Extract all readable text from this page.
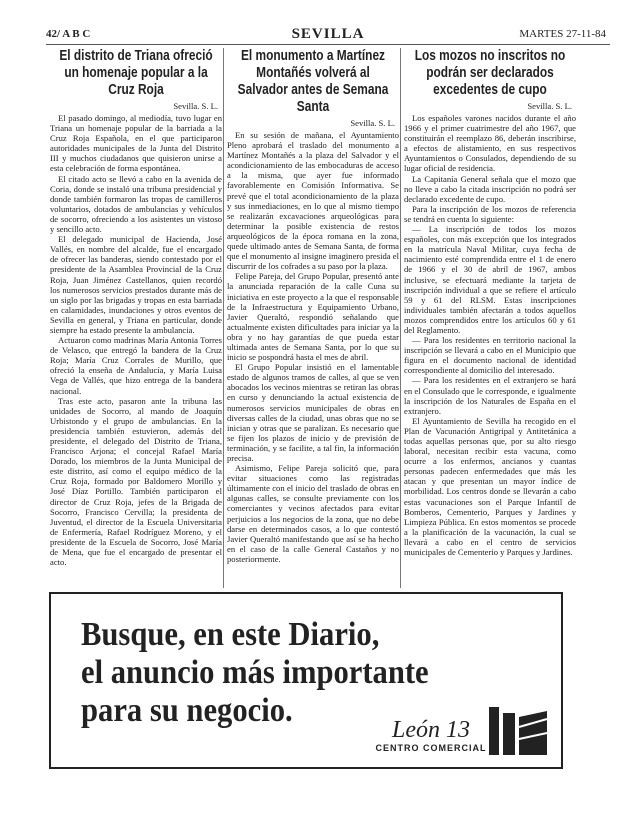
42/ A B C	SEVILLA	MARTES 27-11-84
El distrito de Triana ofreció un homenaje popular a la Cruz Roja
Sevilla. S. L.

El pasado domingo, al mediodía, tuvo lugar en Triana un homenaje popular de la barriada a la Cruz Roja Española, en el que participaron autoridades municipales de la Junta del Distrito III y muchos ciudadanos que quisieron unirse a esta celebración de forma espontánea.

El citado acto se llevó a cabo en la avenida de Coria, donde se instaló una tribuna presidencial y donde también formaron las tropas de camilleros voluntarios, dotados de ambulancias y vehículos de socorro, ofreciendo a los asistentes un vistoso y sencillo acto.

El delegado municipal de Hacienda, José Vallés, en nombre del alcalde, fue el encargado de ofrecer las banderas, siendo contestado por el presidente de la Asamblea Provincial de la Cruz Roja, Juan Jiménez Castellanos, quien recordó los numerosos servicios prestados durante más de un siglo por las brigadas y tropas en esta barriada en calamidades, inundaciones y otros eventos de Sevilla en general, y Triana en particular, donde siempre ha estado presente la ambulancia.

Actuaron como madrinas María Antonia Torres de Velasco, que entregó la bandera de la Cruz Roja; María Cruz Corrales de Murillo, que ofreció la enseña de Andalucía, y María Luisa Vega de Vallés, que hizo entrega de la bandera nacional.

Tras este acto, pasaron ante la tribuna las unidades de Socorro, al mando de Joaquín Urbistondo y el grupo de ambulancias. En la presidencia también estuvieron, además del presidente, el delegado del Distrito de Triana, Francisco Arjona; el concejal Rafael María Dorado, los miembros de la Junta Municipal de este distrito, así como el equipo médico de la Cruz Roja, formado por Baldomero Morillo y José Díaz Portillo. También participaron el director de Cruz Roja, jefes de la Brigada de Socorro, Francisco Cervilla; la presidenta de Juventud, el director de la Escuela Universitaria de Enfermería, Rafael Rodríguez Moreno, y el presidente de la Escuela de Socorro, José María de Mena, que fue el encargado de presentar el acto.

El monumento a Martínez Montañés volverá al Salvador antes de Semana Santa
Sevilla. S. L.

En su sesión de mañana, el Ayuntamiento Pleno aprobará el traslado del monumento a Martínez Montañés a la plaza del Salvador y el acondicionamiento de las embocaduras de acceso a la misma, que ayer fue informado favorablemente en Comisión Informativa. Se prevé que el total acondicionamiento de la plaza y sus inmediaciones, en lo que al mismo tiempo se realizarán excavaciones arqueológicas para determinar la posible existencia de restos arqueológicos de la época romana en la zona, quede ultimado antes de Semana Santa, de forma que el monumento al insigne imaginero presida el discurrir de los cofrades a su paso por la plaza.

Felipe Pareja, del Grupo Popular, presentó ante la anunciada reparación de la calle Cuna su iniciativa en este proyecto a la que el responsable de la Infraestructura y Equipamiento Urbano, Javier Queraltó, respondió señalando que actualmente existen dificultades para iniciar ya la obra y no hay garantías de que pueda estar ultimada antes de Semana Santa, por lo que su inicio se pospondrá hasta el mes de abril.

El Grupo Popular insistió en el lamentable estado de algunos tramos de calles, al que se ven abocados los vecinos mientras se retiran las obras en curso y denunciando la actual existencia de numerosos servicios municipales de obras en diversas calles de la ciudad, unas obras que no se inician y otras que se paralizan. Es necesario que se fijen los plazos de inicio y de previsión de terminación, y se facilite, a tal fin, la información precisa.

Asimismo, Felipe Pareja solicitó que, para evitar situaciones como las registradas últimamente con el inicio del traslado de obras en algunas calles, se consulte previamente con los comerciantes y vecinos afectados para evitar perjuicios a los negocios de la zona, que no debe darse en determinados casos, a lo que contestó Javier Queraltó manifestando que así se ha hecho en el caso de la calle General Castaños y no posteriormente.

Los mozos no inscritos no podrán ser declarados excedentes de cupo
Sevilla. S. L.

Los españoles varones nacidos durante el año 1966 y el primer cuatrimestre del año 1967, que constituirán el reemplazo 86, deberán inscribirse, a efectos de alistamiento, en sus respectivos Ayuntamientos o Consulados, dependiendo de su lugar oficial de residencia.

La Capitanía General señala que el mozo que no lleve a cabo la citada inscripción no podrá ser declarado excedente de cupo.

Para la inscripción de los mozos de referencia se tendrá en cuenta lo siguiente:

— La inscripción de todos los mozos españoles, con más excepción que los integrados en la matrícula Naval Militar, cuya fecha de nacimiento esté comprendida entre el 1 de enero de 1966 y el 30 de abril de 1967, ambos inclusive, se efectuará mediante la tarjeta de inscripción individual a que se refiere el artículo 59 y 61 del RLSM. Estas inscripciones individuales también afectarán a todos aquellos mozos comprendidos entre los artículos 60 y 61 del Reglamento.

— Para los residentes en territorio nacional la inscripción se llevará a cabo en el Municipio que figura en el documento nacional de identidad correspondiente al domicilio del interesado.

— Para los residentes en el extranjero se hará en el Consulado que le corresponde, e igualmente la inscripción de los Naturales de España en el extranjero.

El Ayuntamiento de Sevilla ha recogido en el Plan de Vacunación Antigripal y Antitetánica a todas aquellas personas que, por su alto riesgo laboral, necesitan recibir esta vacuna, como ocurre a los enfermos, ancianos y cuantas personas padecen enfermedades que más les atacan y que presentan un mayor índice de morbilidad. Los centros donde se llevarán a cabo estas vacunaciones son el Parque Infantil de Bomberos, Cementerio, Parques y Jardines y Limpieza Pública. En estos momentos se procede a la planificación de la vacunación, la cual se llevará a cabo en el centro de servicios municipales de Cementerio y Parques y Jardines.

Busque, en este Diario,
el anuncio más importante
para su negocio.
León 13
CENTRO COMERCIAL
